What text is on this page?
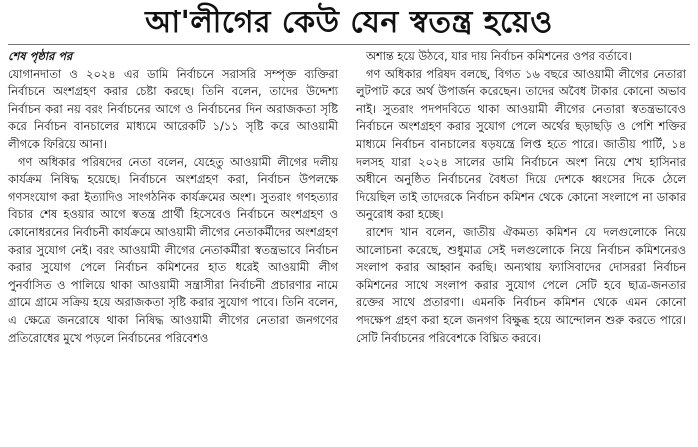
আ'লীগের কেউ যেন স্বতন্ত্র হয়েও

শেষ পৃষ্ঠার পর

যোগানদাতা ও ২০২৪ এর ডামি নির্বাচনে সরাসরি সম্পৃক্ত ব্যক্তিরা নির্বাচনে অংশগ্রহণ করার চেষ্টা করছে। তিনি বলেন, তাদের উদ্দেশ্য নির্বাচন করা নয় বরং নির্বাচনের আগে ও নির্বাচনের দিন অরাজকতা সৃষ্টি করে নির্বাচন বানচালের মাধ্যমে আরেকটি ১/১১ সৃষ্টি করে আওয়ামী লীগকে ফিরিয়ে আনা।

গণ অধিকার পরিষদের নেতা বলেন, যেহেতু আওয়ামী লীগের দলীয় কার্যক্রম নিষিদ্ধ হয়েছে। নির্বাচনে অংশগ্রহণ করা, নির্বাচন উপলক্ষে গণসংযোগ করা ইত্যাদিও সাংগঠনিক কার্যক্রমের অংশ। সুতরাং গণহত্যার বিচার শেষ হওয়ার আগে স্বতন্ত্র প্রার্থী হিসেবেও নির্বাচনে অংশগ্রহণ ও কোনোধরনের নির্বাচনী কার্যক্রমে আওয়ামী লীগের নেতাকর্মীদের অংশগ্রহণ করার সুযোগ নেই। বরং আওয়ামী লীগের নেতাকর্মীরা স্বতন্ত্রভাবে নির্বাচন করার সুযোগ পেলে নির্বাচন কমিশনের হাত ধরেই আওয়ামী লীগ পুনর্বাসিত ও পালিয়ে থাকা আওয়ামী সন্ত্রাসীরা নির্বাচনী প্রচারণার নামে গ্রামে গ্রামে সক্রিয় হয়ে অরাজকতা সৃষ্টি করার সুযোগ পাবে। তিনি বলেন, এ ক্ষেত্রে জনরোষে থাকা নিষিদ্ধ আওয়ামী লীগের নেতারা জনগণের প্রতিরোধের মুখে পড়লে নির্বাচনের পরিবেশও

অশান্ত হয়ে উঠবে, যার দায় নির্বাচন কমিশনের ওপর বর্তাবে।

গণ অধিকার পরিষদ বলছে, বিগত ১৬ বছরে আওয়ামী লীগের নেতারা লুটপাট করে অর্থ উপার্জন করেছেন। তাদের অবৈধ টাকার কোনো অভাব নাই। সুতরাং পদপদবিতে থাকা আওয়ামী লীগের নেতারা স্বতন্ত্রভাবেও নির্বাচনে অংশগ্রহণ করার সুযোগ পেলে অর্থের ছড়াছড়ি ও পেশি শক্তির মাধ্যমে নির্বাচন বানচালের ষড়যন্ত্রে লিপ্ত হতে পারে। জাতীয় পার্টি, ১৪ দলসহ যারা ২০২৪ সালের ডামি নির্বাচনে অংশ নিয়ে শেখ হাসিনার অধীনে অনুষ্ঠিত নির্বাচনের বৈধতা দিয়ে দেশকে ধ্বংসের দিকে ঠেলে দিয়েছিল তাই তাদেরকে নির্বাচন কমিশন থেকে কোনো সংলাপে না ডাকার অনুরোধ করা হচ্ছে।

রাশেদ খান বলেন, জাতীয় ঐকমত্য কমিশন যে দলগুলোকে নিয়ে আলোচনা করেছে, শুধুমাত্র সেই দলগুলোকে নিয়ে নির্বাচন কমিশনেরও সংলাপ করার আহ্বান করছি। অন্যথায় ফ্যাসিবাদের দোসররা নির্বাচন কমিশনের সাথে সংলাপ করার সুযোগ পেলে সেটি হবে ছাত্র-জনতার রক্তের সাথে প্রতারণা। এমনকি নির্বাচন কমিশন থেকে এমন কোনো পদক্ষেপ গ্রহণ করা হলে জনগণ বিক্ষুব্ধ হয়ে আন্দোলন শুরু করতে পারে। সেটি নির্বাচনের পরিবেশকে বিঘ্নিত করবে।
